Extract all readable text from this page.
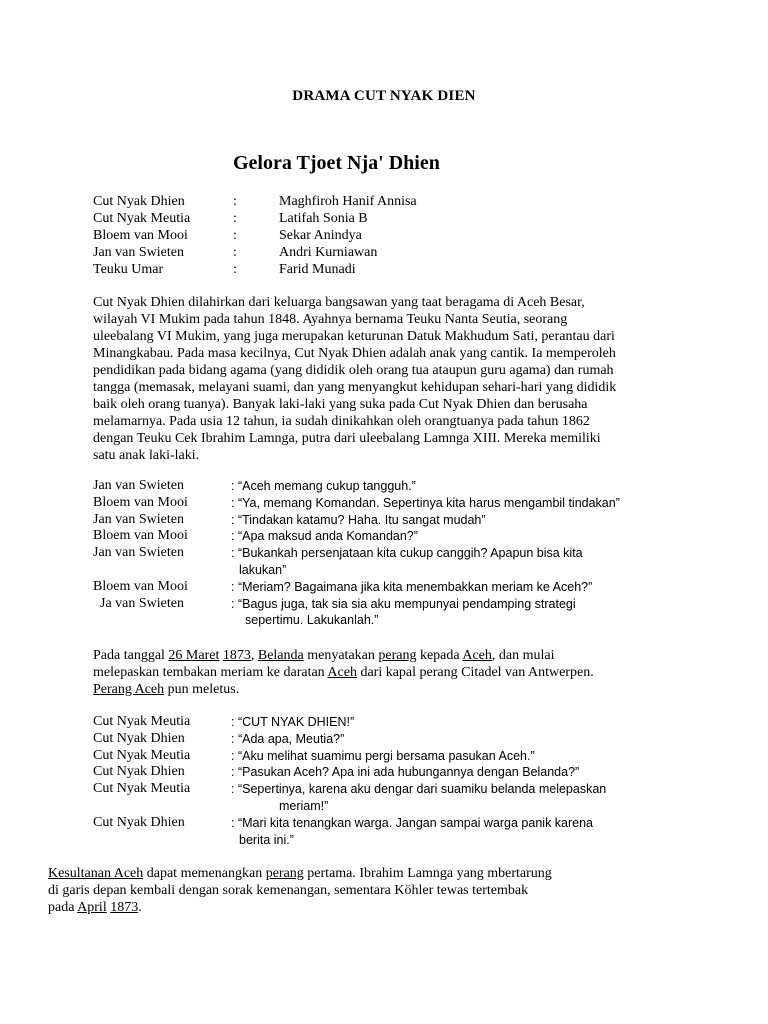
DRAMA CUT NYAK DIEN
Gelora Tjoet Nja' Dhien
Cut Nyak Dhien	:	Maghfiroh Hanif Annisa
Cut Nyak Meutia	:	Latifah Sonia B
Bloem van Mooi	:	Sekar Anindya
Jan van Swieten	:	Andri Kurniawan
Teuku Umar	:	Farid Munadi
Cut Nyak Dhien dilahirkan dari keluarga bangsawan yang taat beragama di Aceh Besar,
wilayah VI Mukim pada tahun 1848. Ayahnya bernama Teuku Nanta Seutia, seorang
uleebalang VI Mukim, yang juga merupakan keturunan Datuk Makhudum Sati, perantau dari
Minangkabau. Pada masa kecilnya, Cut Nyak Dhien adalah anak yang cantik. Ia memperoleh
pendidikan pada bidang agama (yang dididik oleh orang tua ataupun guru agama) dan rumah
tangga (memasak, melayani suami, dan yang menyangkut kehidupan sehari-hari yang dididik
baik oleh orang tuanya). Banyak laki-laki yang suka pada Cut Nyak Dhien dan berusaha
melamarnya. Pada usia 12 tahun, ia sudah dinikahkan oleh orangtuanya pada tahun 1862
dengan Teuku Cek Ibrahim Lamnga, putra dari uleebalang Lamnga XIII. Mereka memiliki
satu anak laki-laki.
Jan van Swieten	: “Aceh memang cukup tangguh.”
Bloem van Mooi	: “Ya, memang Komandan. Sepertinya kita harus mengambil tindakan”
Jan van Swieten	: “Tindakan katamu? Haha. Itu sangat mudah”
Bloem van Mooi	: “Apa maksud anda Komandan?”
Jan van Swieten	: “Bukankah persenjataan kita cukup canggih? Apapun bisa kita
lakukan”
Bloem van Mooi	: “Meriam? Bagaimana jika kita menembakkan meriam ke Aceh?”
Ja van Swieten	: “Bagus juga, tak sia sia aku mempunyai pendamping strategi
sepertimu. Lakukanlah.”
Pada tanggal 26 Maret 1873, Belanda menyatakan perang kepada Aceh, dan mulai
melepaskan tembakan meriam ke daratan Aceh dari kapal perang Citadel van Antwerpen.
Perang Aceh pun meletus.
Cut Nyak Meutia	: “CUT NYAK DHIEN!”
Cut Nyak Dhien	: “Ada apa, Meutia?”
Cut Nyak Meutia	: “Aku melihat suamimu pergi bersama pasukan Aceh.”
Cut Nyak Dhien	: “Pasukan Aceh? Apa ini ada hubungannya dengan Belanda?”
Cut Nyak Meutia	: “Sepertinya, karena aku dengar dari suamiku belanda melepaskan
meriam!”
Cut Nyak Dhien	: “Mari kita tenangkan warga. Jangan sampai warga panik karena
berita ini.”
Kesultanan Aceh dapat memenangkan perang pertama. Ibrahim Lamnga yang mbertarung
di garis depan kembali dengan sorak kemenangan, sementara Köhler tewas tertembak
pada April 1873.
